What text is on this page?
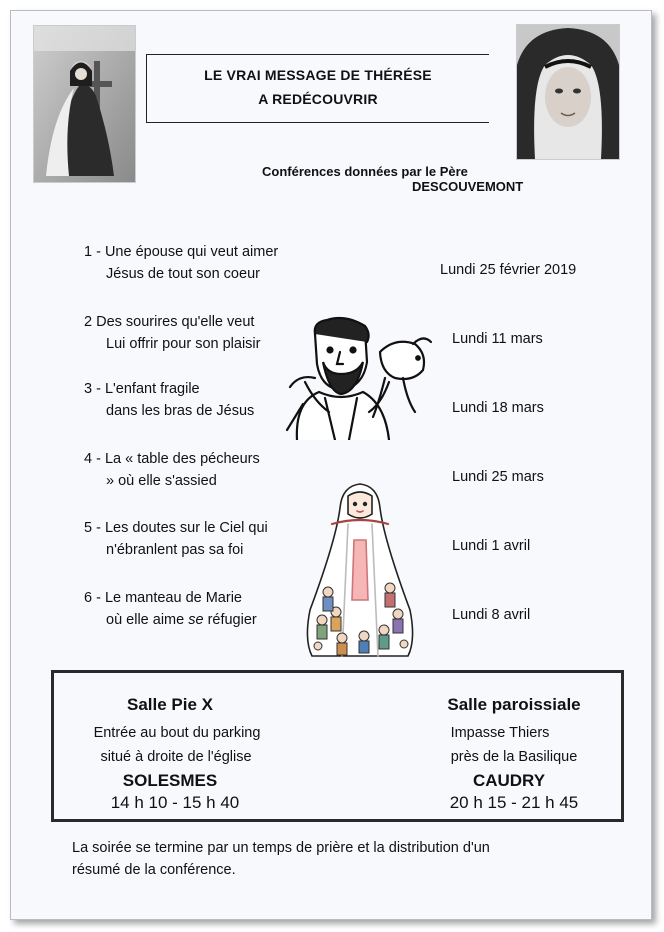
LE VRAI MESSAGE DE THÉRÉSE
A REDÉCOUVRIR
Conférences données par le Père
DESCOUVEMONT
1 - Une épouse qui veut aimer
Jésus de tout son coeur	Lundi 25 février 2019
2 Des sourires qu'elle veut
Lui offrir pour son plaisir	Lundi 11 mars
3 - L'enfant fragile
dans les bras de Jésus	Lundi 18 mars
4 - La « table des pécheurs
» où elle s'assied	Lundi 25 mars
5 - Les doutes sur le Ciel qui
n'ébranlent pas sa foi	Lundi 1 avril
6 - Le manteau de Marie
où elle aime se réfugier	Lundi 8 avril
Salle Pie X
Entrée au bout du parking
situé à droite de l'église
SOLESMES
14 h 10 - 15 h 40
Salle paroissiale
Impasse Thiers
près de la Basilique
CAUDRY
20 h 15 - 21 h 45
La soirée se termine par un temps de prière et la distribution d'un
résumé de la conférence.
